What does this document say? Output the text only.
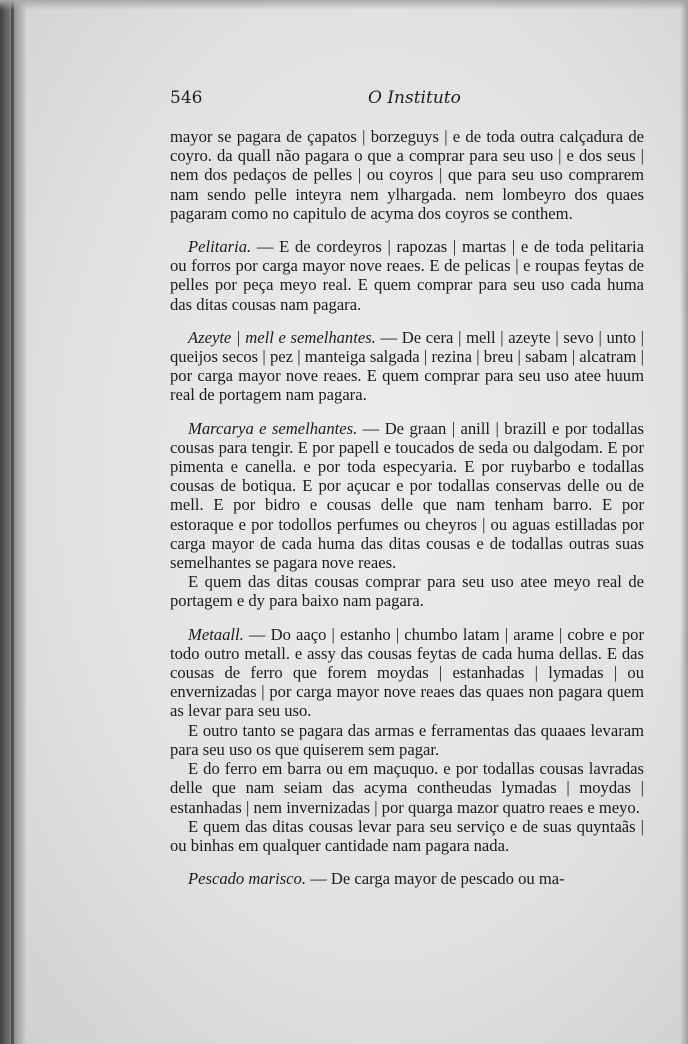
546	O Instituto

mayor se pagara de çapatos | borzeguys | e de toda outra calçadura de coyro. da quall não pagara o que a comprar para seu uso | e dos seus | nem dos pedaços de pelles | ou coyros | que para seu uso comprarem nam sendo pelle inteyra nem ylhargada. nem lombeyro dos quaes pagaram como no capitulo de acyma dos coyros se conthem.

Pelitaria. — E de cordeyros | rapozas | martas | e de toda pelitaria ou forros por carga mayor nove reaes. E de pelicas | e roupas feytas de pelles por peça meyo real. E quem comprar para seu uso cada huma das ditas cousas nam pagara.

Azeyte | mell e semelhantes. — De cera | mell | azeyte | sevo | unto | queijos secos | pez | manteiga salgada | rezina | breu | sabam | alcatram | por carga mayor nove reaes. E quem comprar para seu uso atee huum real de portagem nam pagara.

Marcarya e semelhantes. — De graan | anill | brazill e por todallas cousas para tengir. E por papell e toucados de seda ou dalgodam. E por pimenta e canella. e por toda especyaria. E por ruybarbo e todallas cousas de botiqua. E por açucar e por todallas conservas delle ou de mell. E por bidro e cousas delle que nam tenham barro. E por estoraque e por todollos perfumes ou cheyros | ou aguas estilladas por carga mayor de cada huma das ditas cousas e de todallas outras suas semelhantes se pagara nove reaes.

E quem das ditas cousas comprar para seu uso atee meyo real de portagem e dy para baixo nam pagara.

Metaall. — Do aaço | estanho | chumbo latam | arame | cobre e por todo outro metall. e assy das cousas feytas de cada huma dellas. E das cousas de ferro que forem moydas | estanhadas | lymadas | ou envernizadas | por carga mayor nove reaes das quaes non pagara quem as levar para seu uso.

E outro tanto se pagara das armas e ferramentas das quaaes levaram para seu uso os que quiserem sem pagar.

E do ferro em barra ou em maçuquo. e por todallas cousas lavradas delle que nam seiam das acyma contheudas lymadas | moydas | estanhadas | nem invernizadas | por quarga mazor quatro reaes e meyo.

E quem das ditas cousas levar para seu serviço e de suas quyntaãs | ou binhas em qualquer cantidade nam pagara nada.

Pescado marisco. — De carga mayor de pescado ou ma-
